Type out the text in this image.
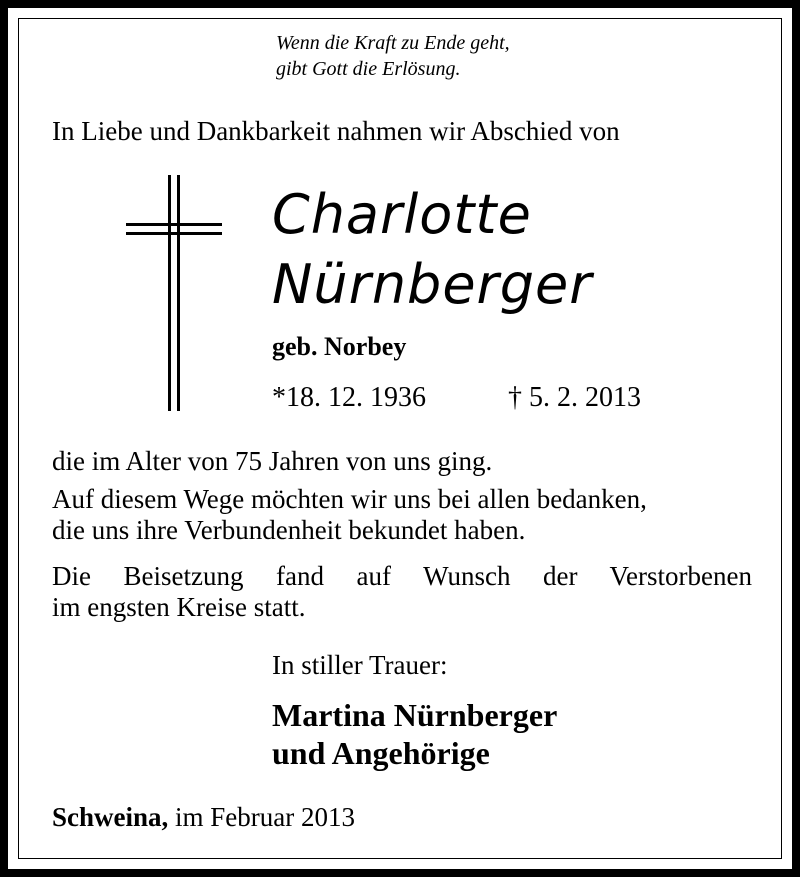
Wenn die Kraft zu Ende geht,
gibt Gott die Erlösung.
In Liebe und Dankbarkeit nahmen wir Abschied von
Charlotte
Nürnberger
geb. Norbey
*18. 12. 1936	† 5. 2. 2013
die im Alter von 75 Jahren von uns ging.
Auf diesem Wege möchten wir uns bei allen bedanken,
die uns ihre Verbundenheit bekundet haben.
Die Beisetzung fand auf Wunsch der Verstorbenen
im engsten Kreise statt.
In stiller Trauer:
Martina Nürnberger
und Angehörige
Schweina, im Februar 2013
